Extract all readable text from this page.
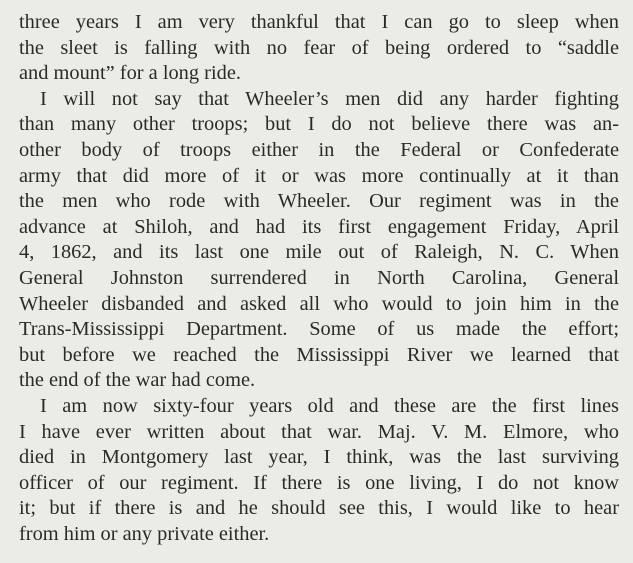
three years I am very thankful that I can go to sleep when
the sleet is falling with no fear of being ordered to “saddle
and mount” for a long ride.

I will not say that Wheeler’s men did any harder fighting
than many other troops; but I do not believe there was an-
other body of troops either in the Federal or Confederate
army that did more of it or was more continually at it than
the men who rode with Wheeler. Our regiment was in the
advance at Shiloh, and had its first engagement Friday, April
4, 1862, and its last one mile out of Raleigh, N. C. When
General Johnston surrendered in North Carolina, General
Wheeler disbanded and asked all who would to join him in the
Trans-Mississippi Department. Some of us made the effort;
but before we reached the Mississippi River we learned that
the end of the war had come.

I am now sixty-four years old and these are the first lines
I have ever written about that war. Maj. V. M. Elmore, who
died in Montgomery last year, I think, was the last surviving
officer of our regiment. If there is one living, I do not know
it; but if there is and he should see this, I would like to hear
from him or any private either.
